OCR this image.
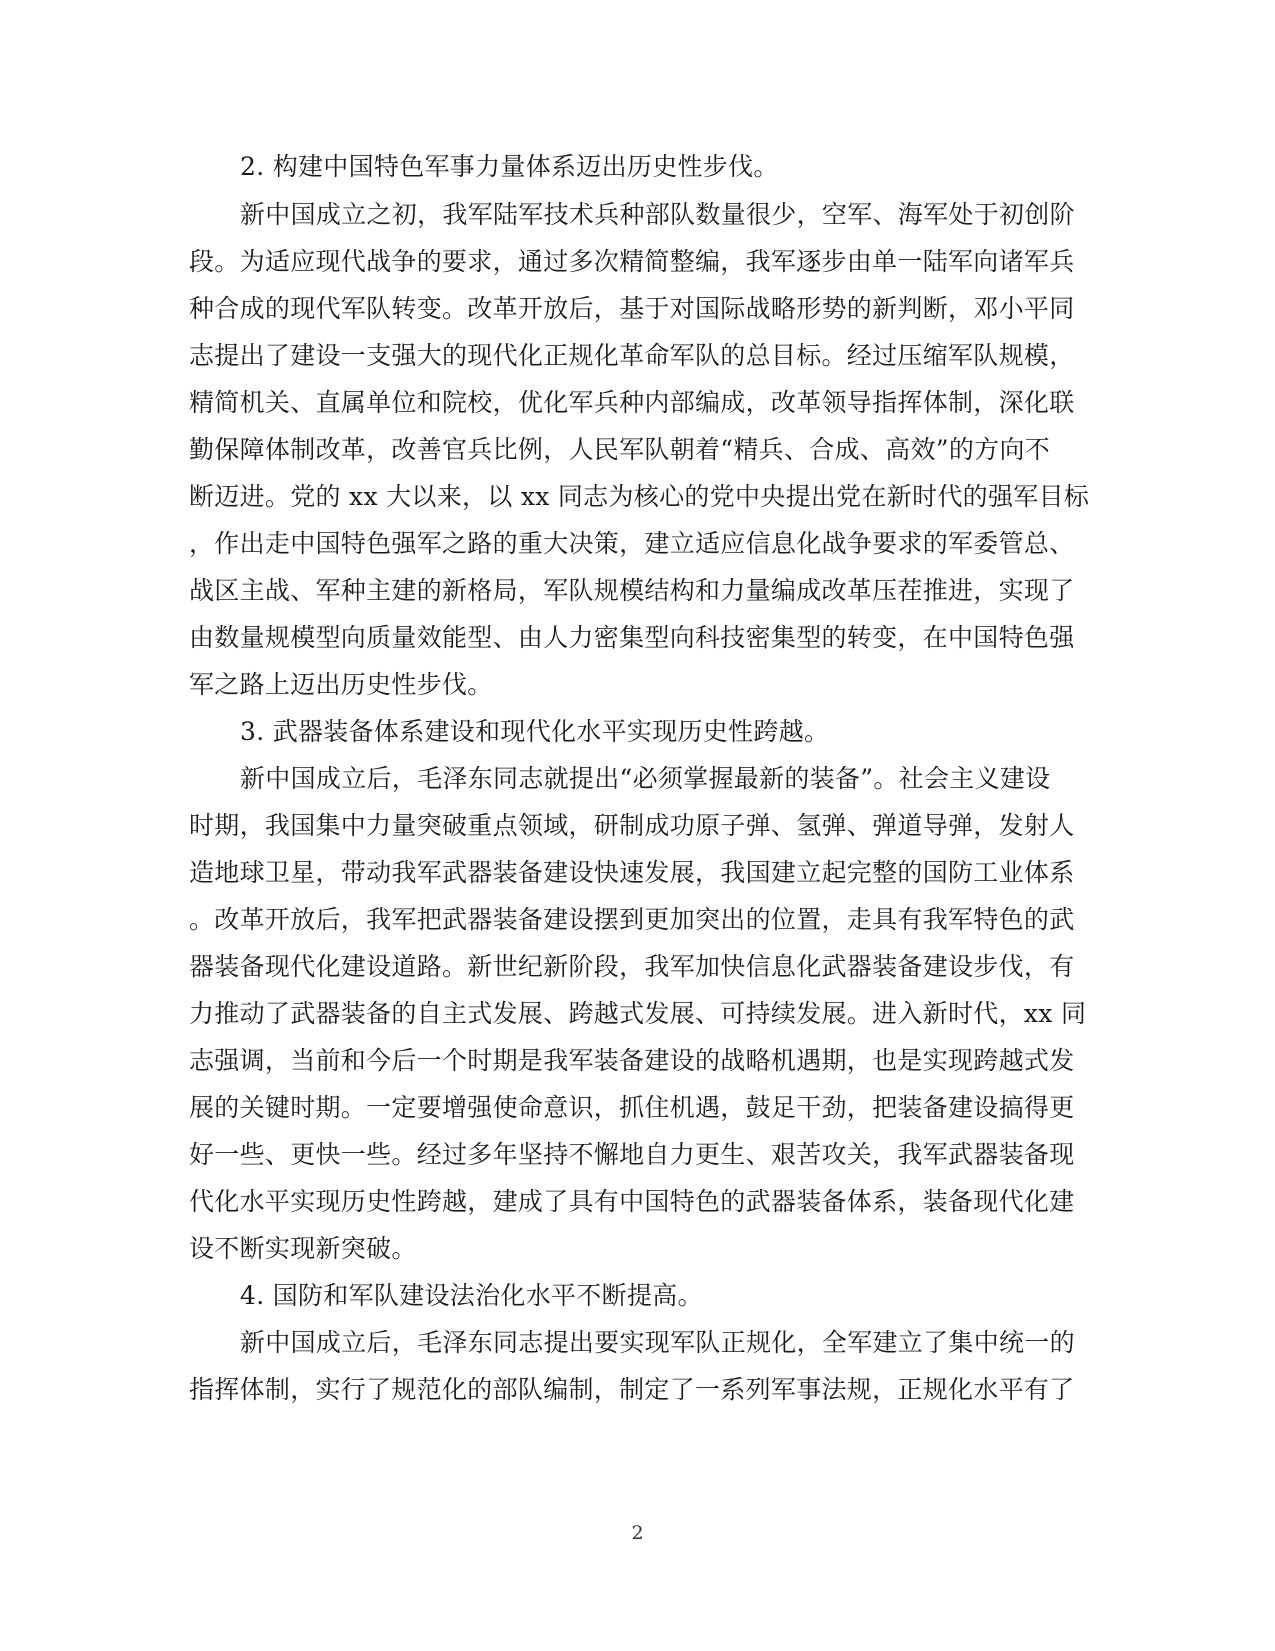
2. 构建中国特色军事力量体系迈出历史性步伐。
新中国成立之初，我军陆军技术兵种部队数量很少，空军、海军处于初创阶
段。为适应现代战争的要求，通过多次精简整编，我军逐步由单一陆军向诸军兵
种合成的现代军队转变。改革开放后，基于对国际战略形势的新判断，邓小平同
志提出了建设一支强大的现代化正规化革命军队的总目标。经过压缩军队规模，
精简机关、直属单位和院校，优化军兵种内部编成，改革领导指挥体制，深化联
勤保障体制改革，改善官兵比例，人民军队朝着“精兵、合成、高效”的方向不
断迈进。党的 xx 大以来，以 xx 同志为核心的党中央提出党在新时代的强军目标
，作出走中国特色强军之路的重大决策，建立适应信息化战争要求的军委管总、
战区主战、军种主建的新格局，军队规模结构和力量编成改革压茬推进，实现了
由数量规模型向质量效能型、由人力密集型向科技密集型的转变，在中国特色强
军之路上迈出历史性步伐。
3. 武器装备体系建设和现代化水平实现历史性跨越。
新中国成立后，毛泽东同志就提出“必须掌握最新的装备”。社会主义建设
时期，我国集中力量突破重点领域，研制成功原子弹、氢弹、弹道导弹，发射人
造地球卫星，带动我军武器装备建设快速发展，我国建立起完整的国防工业体系
。改革开放后，我军把武器装备建设摆到更加突出的位置，走具有我军特色的武
器装备现代化建设道路。新世纪新阶段，我军加快信息化武器装备建设步伐，有
力推动了武器装备的自主式发展、跨越式发展、可持续发展。进入新时代，xx 同
志强调，当前和今后一个时期是我军装备建设的战略机遇期，也是实现跨越式发
展的关键时期。一定要增强使命意识，抓住机遇，鼓足干劲，把装备建设搞得更
好一些、更快一些。经过多年坚持不懈地自力更生、艰苦攻关，我军武器装备现
代化水平实现历史性跨越，建成了具有中国特色的武器装备体系，装备现代化建
设不断实现新突破。
4. 国防和军队建设法治化水平不断提高。
新中国成立后，毛泽东同志提出要实现军队正规化，全军建立了集中统一的
指挥体制，实行了规范化的部队编制，制定了一系列军事法规，正规化水平有了
2
